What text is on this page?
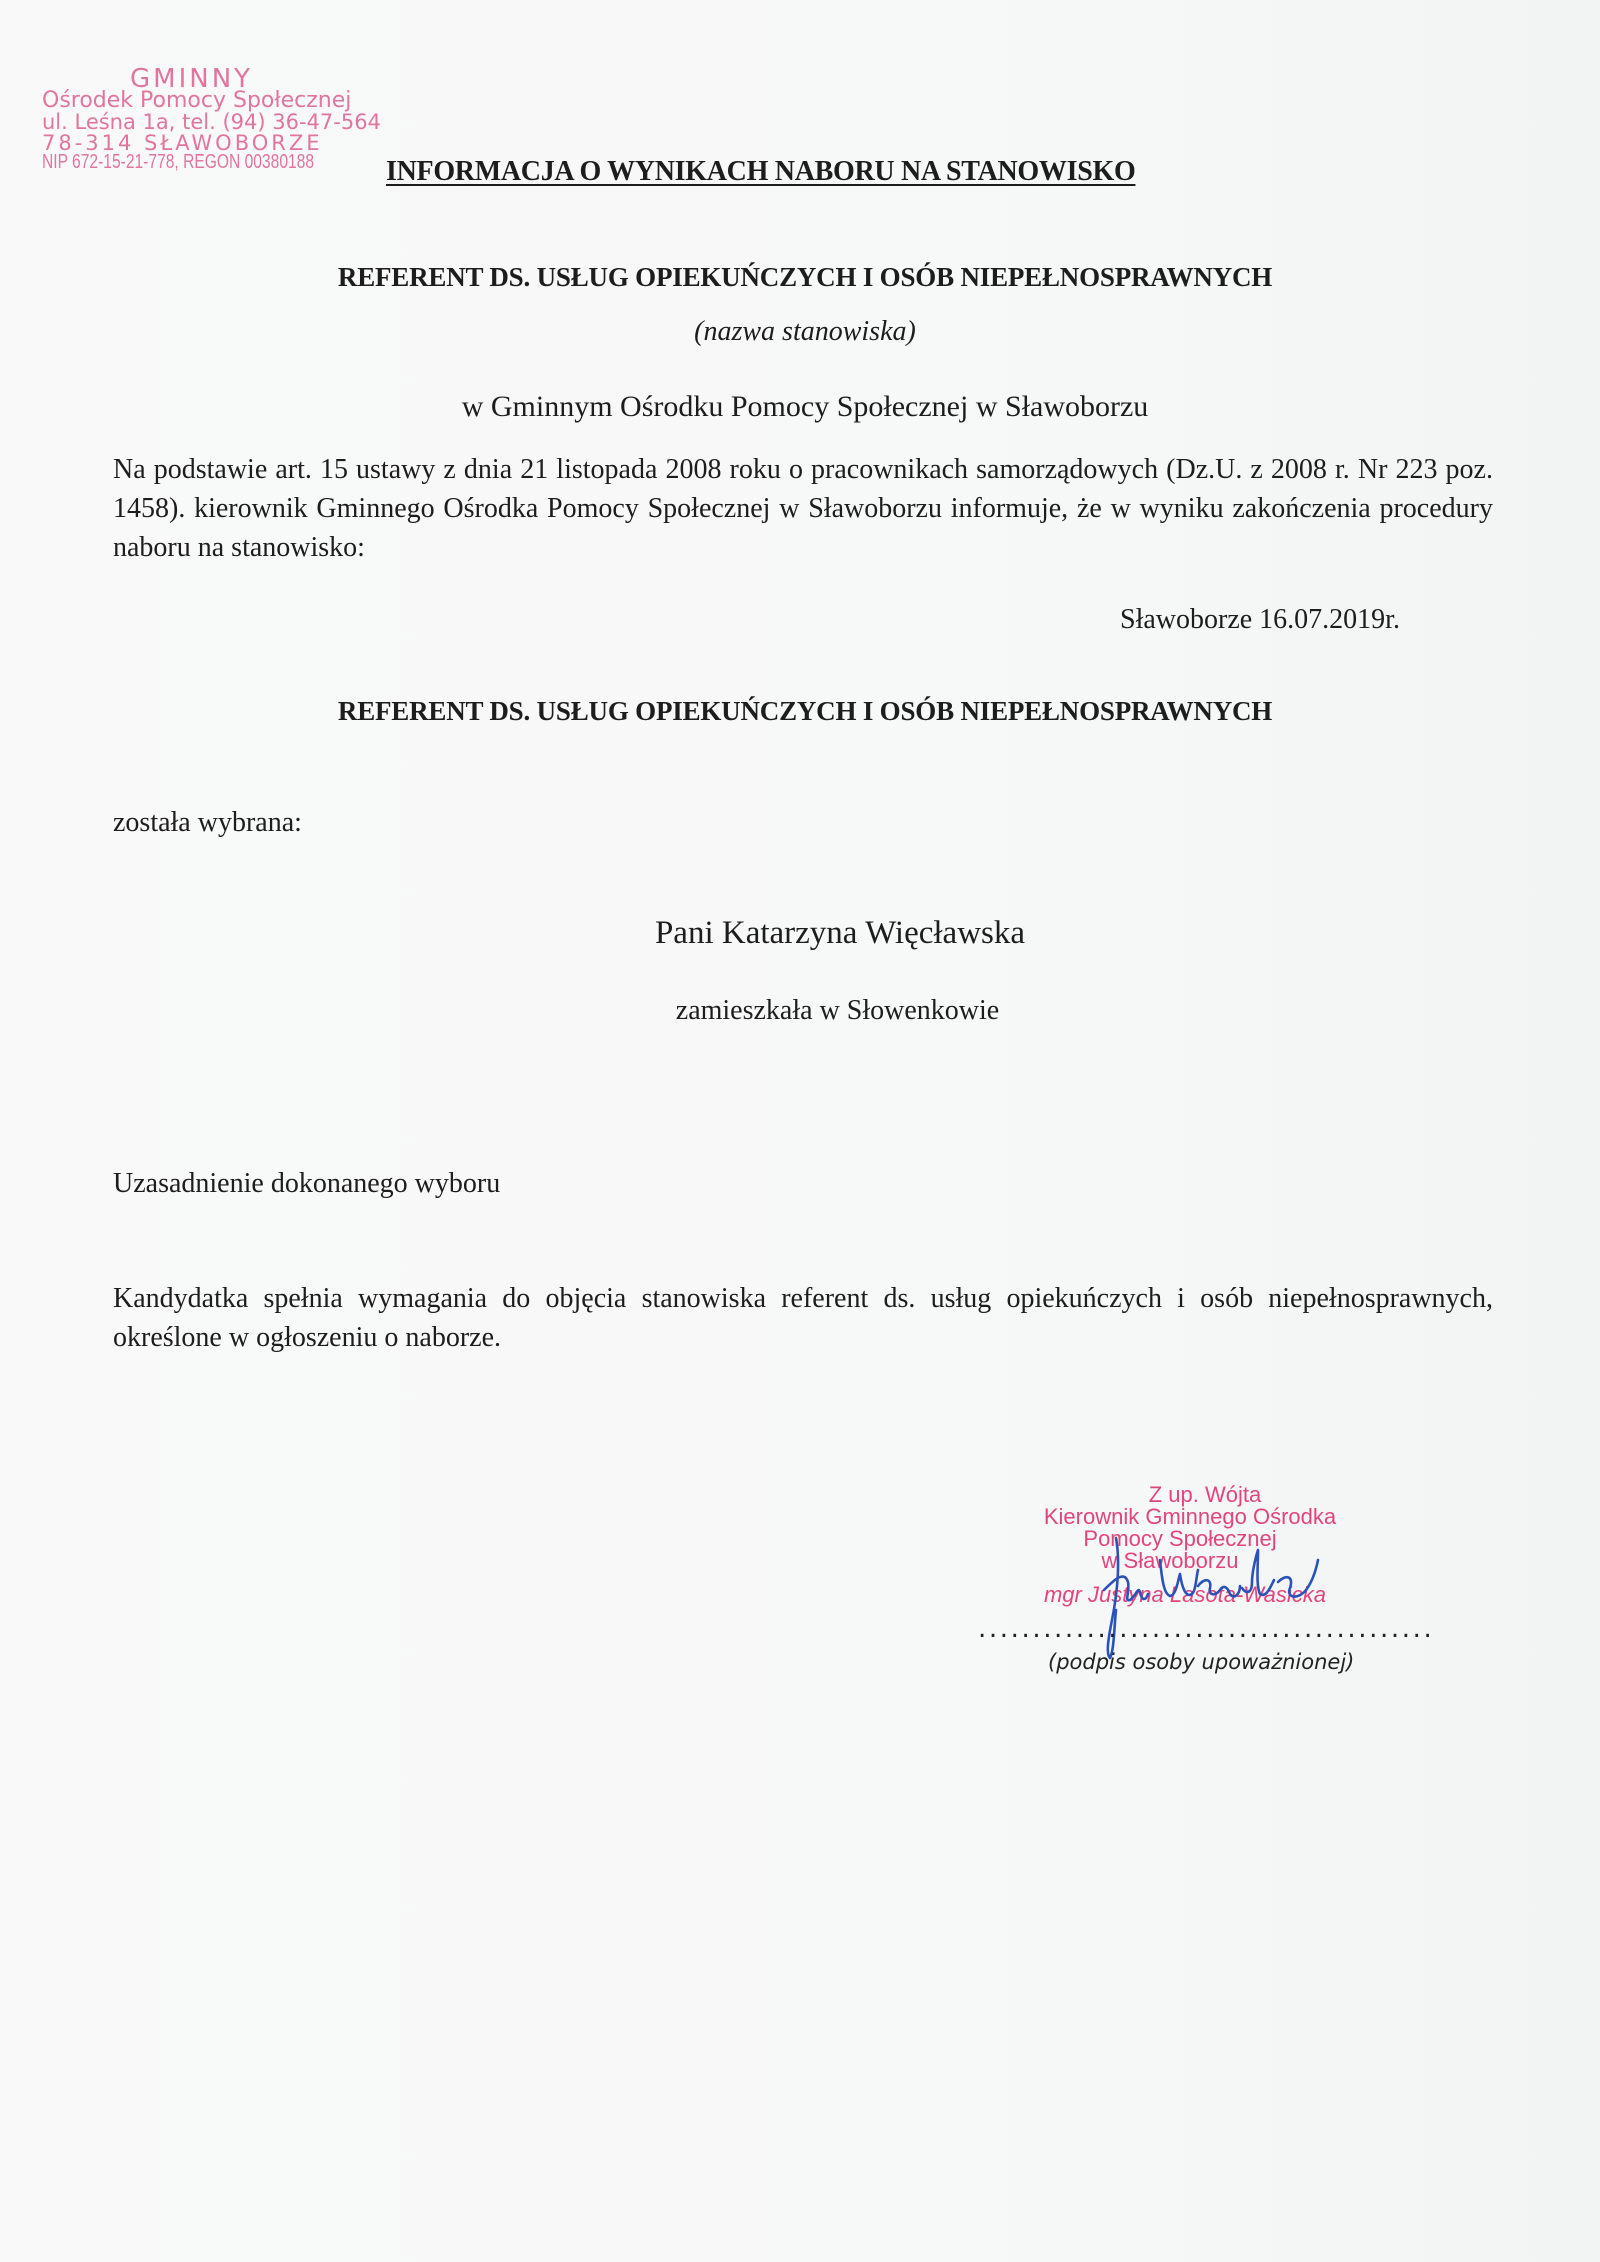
GMINNY
Ośrodek Pomocy Społecznej
ul. Leśna 1a, tel. (94) 36-47-564
78-314 SŁAWOBORZE
NIP 672-15-21-778, REGON 00380188	INFORMACJA O WYNIKACH NABORU NA STANOWISKO
REFERENT DS. USŁUG OPIEKUŃCZYCH I OSÓB NIEPEŁNOSPRAWNYCH
(nazwa stanowiska)
w Gminnym Ośrodku Pomocy Społecznej w Sławoborzu
Na podstawie art. 15 ustawy z dnia 21 listopada 2008 roku o pracownikach samorządowych (Dz.U. z 2008 r. Nr 223 poz. 1458). kierownik Gminnego Ośrodka Pomocy Społecznej w Sławoborzu informuje, że w wyniku zakończenia procedury naboru na stanowisko:
Sławoborze 16.07.2019r.
REFERENT DS. USŁUG OPIEKUŃCZYCH I OSÓB NIEPEŁNOSPRAWNYCH
została wybrana:
Pani Katarzyna Więcławska
zamieszkała w Słowenkowie
Uzasadnienie dokonanego wyboru
Kandydatka spełnia wymagania do objęcia stanowiska referent ds. usług opiekuńczych i osób niepełnosprawnych, określone w ogłoszeniu o naborze.
Z up. Wójta
Kierownik Gminnego Ośrodka
Pomocy Społecznej
w Sławoborzu
mgr Justyna Lasota-Wasicka
..........................................
(podpis osoby upoważnionej)
